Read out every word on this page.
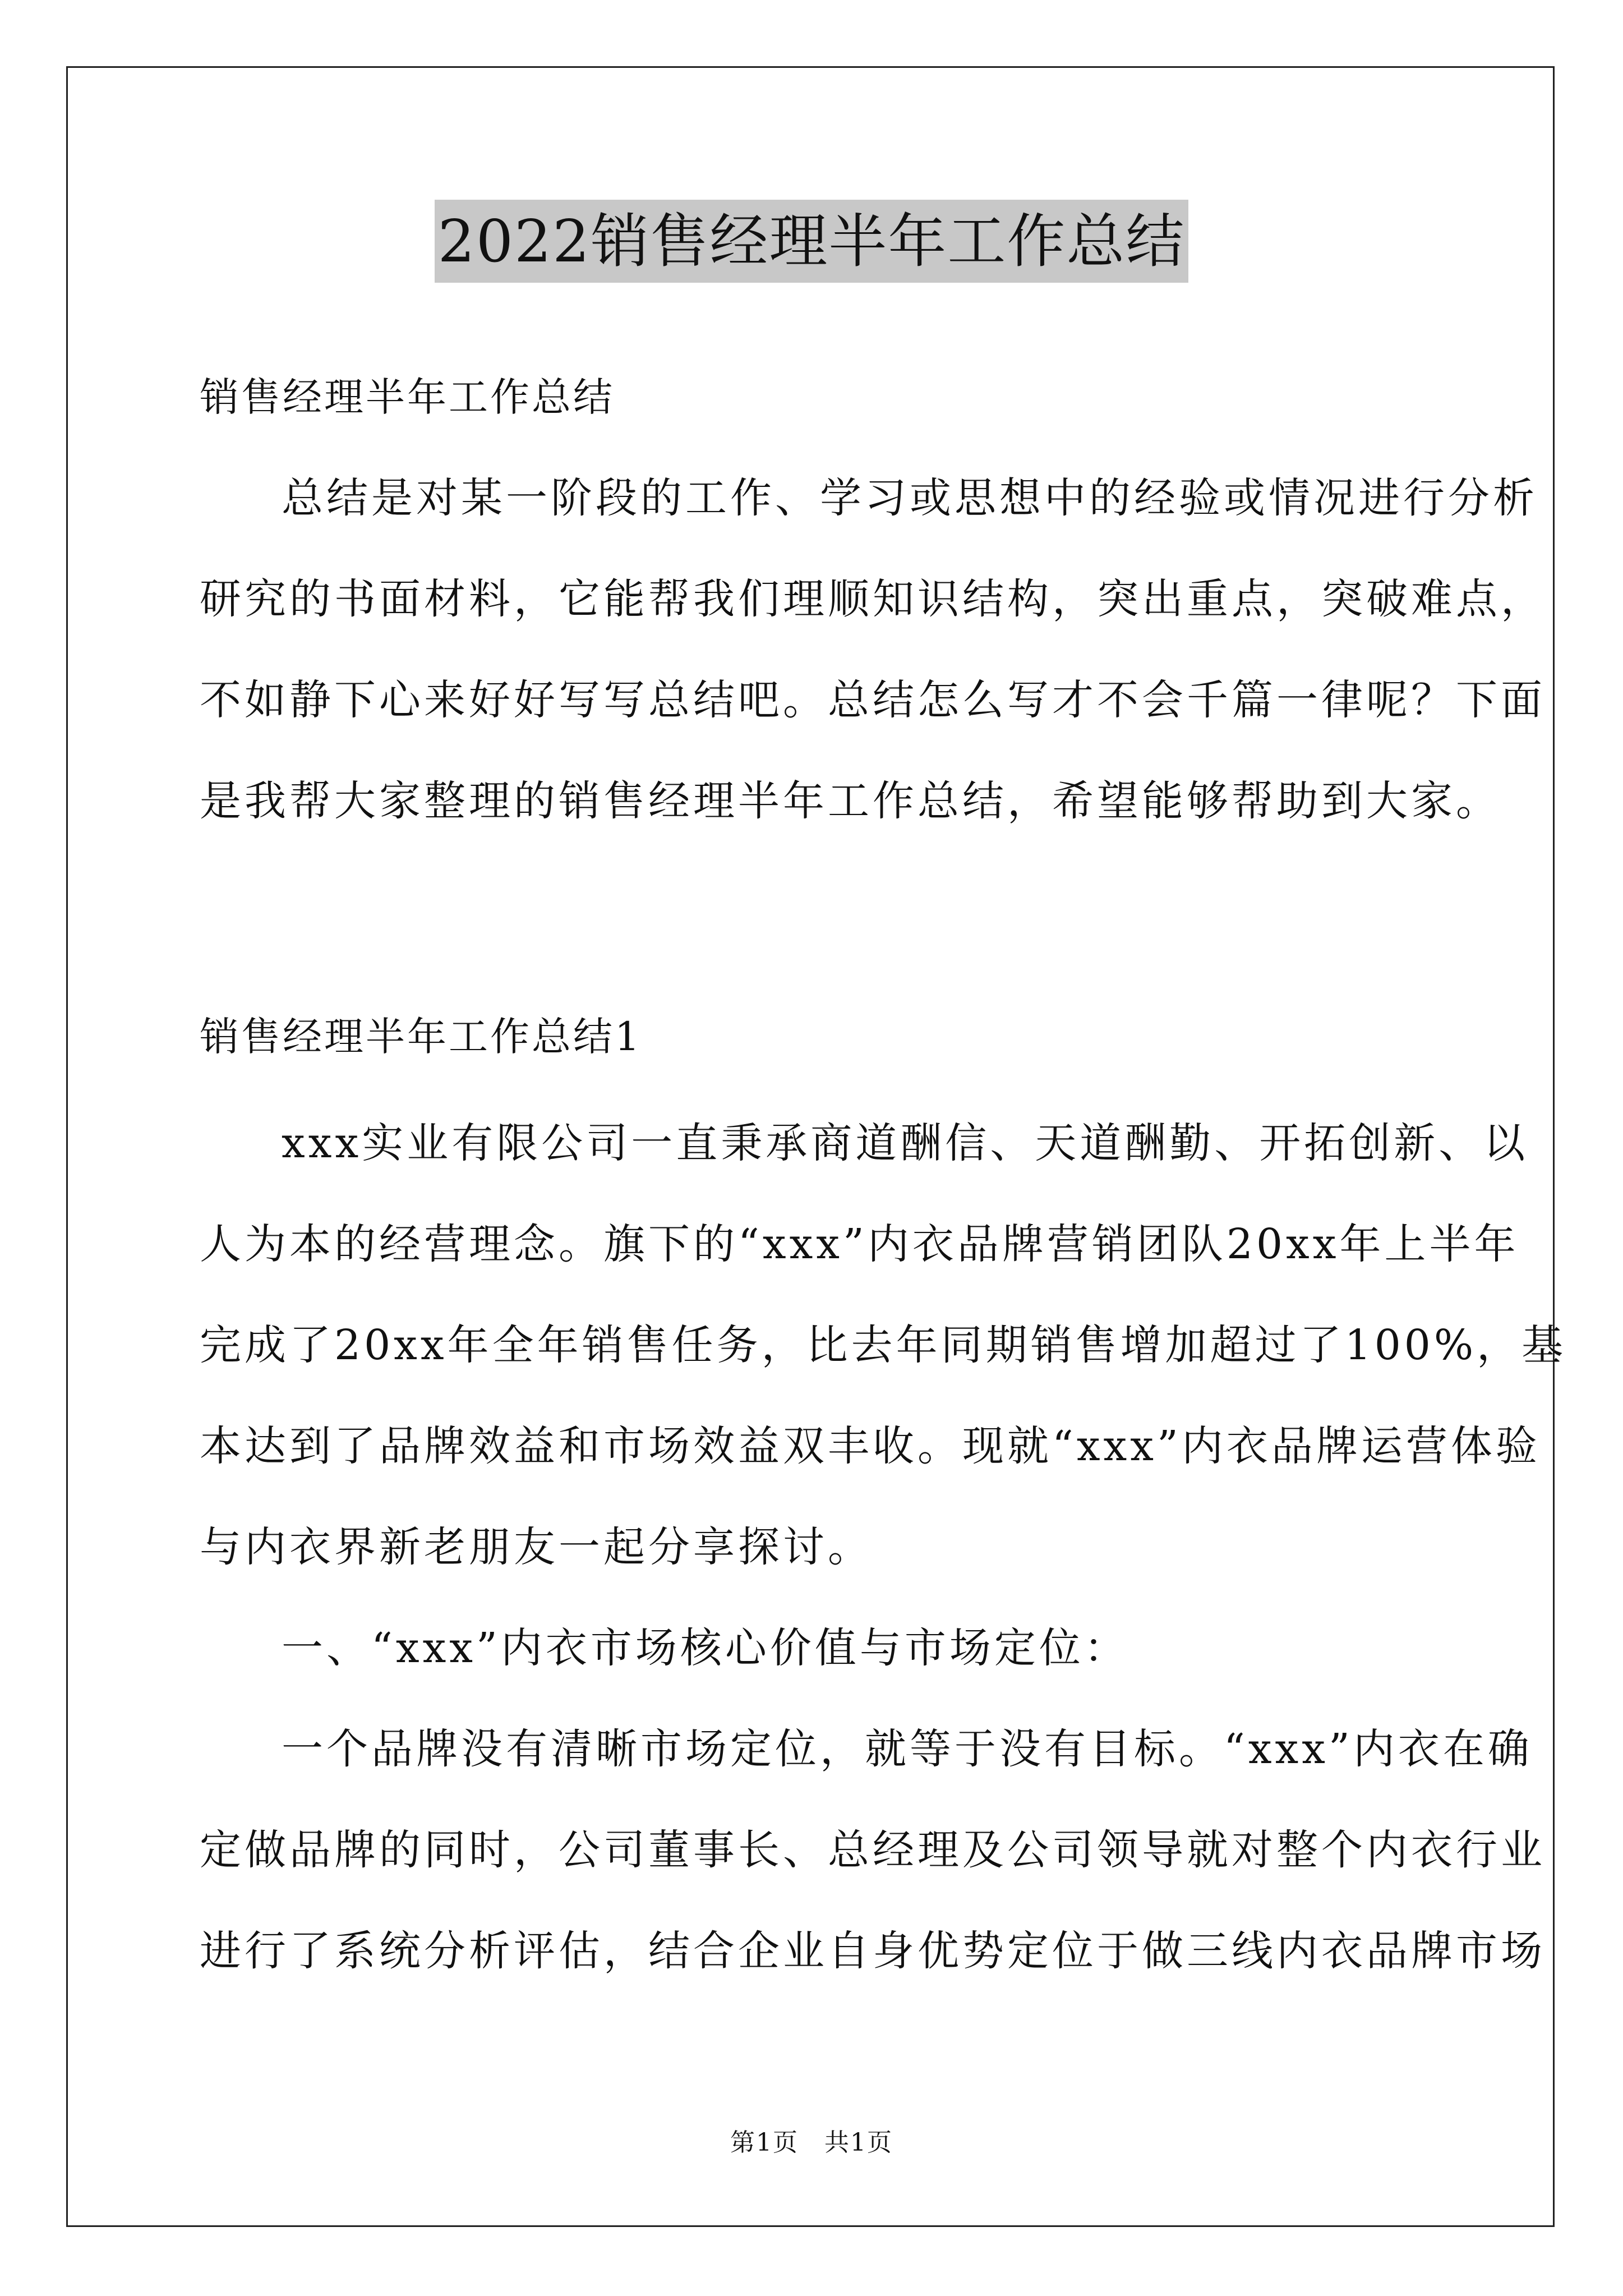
2022销售经理半年工作总结
销售经理半年工作总结
总结是对某一阶段的工作、学习或思想中的经验或情况进行分析
研究的书面材料，它能帮我们理顺知识结构，突出重点，突破难点，
不如静下心来好好写写总结吧。总结怎么写才不会千篇一律呢？下面
是我帮大家整理的销售经理半年工作总结，希望能够帮助到大家。
销售经理半年工作总结1
xxx实业有限公司一直秉承商道酬信、天道酬勤、开拓创新、以
人为本的经营理念。旗下的“xxx”内衣品牌营销团队20xx年上半年
完成了20xx年全年销售任务，比去年同期销售增加超过了100%，基
本达到了品牌效益和市场效益双丰收。现就“xxx”内衣品牌运营体验
与内衣界新老朋友一起分享探讨。
一、“xxx”内衣市场核心价值与市场定位：
一个品牌没有清晰市场定位，就等于没有目标。“xxx”内衣在确
定做品牌的同时，公司董事长、总经理及公司领导就对整个内衣行业
进行了系统分析评估，结合企业自身优势定位于做三线内衣品牌市场
第1页　共1页
